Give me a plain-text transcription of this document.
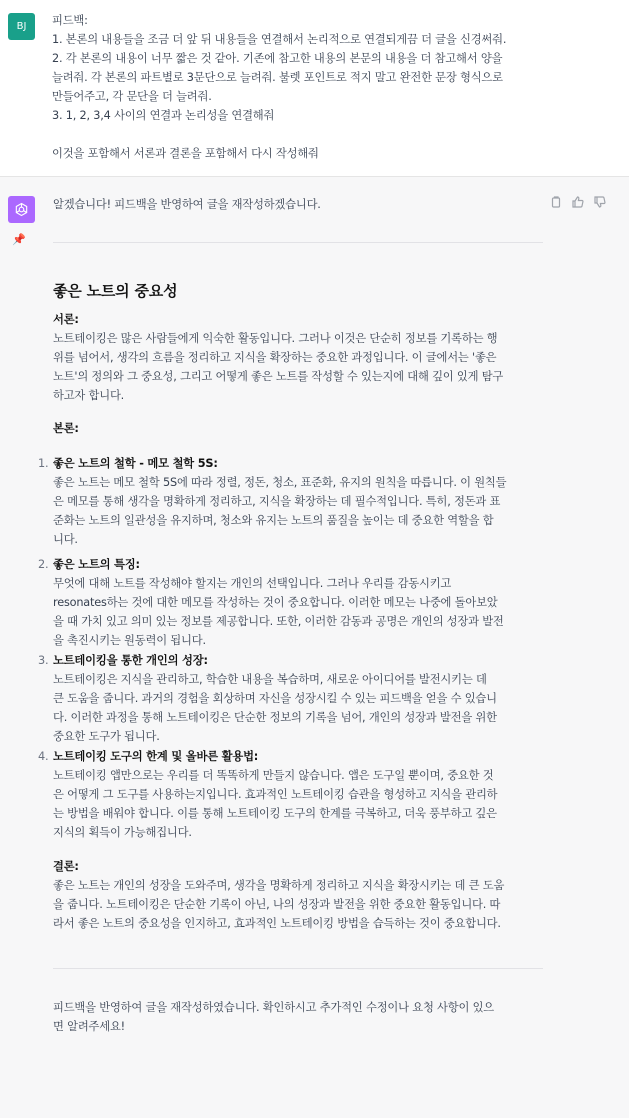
BJ	피드백:

1. 본론의 내용들을 조금 더 앞 뒤 내용들을 연결해서 논리적으로 연결되게끔 더 글을 신경써줘.

2. 각 본론의 내용이 너무 짧은 것 같아. 기존에 참고한 내용의 본문의 내용을 더 참고해서 양을

늘려줘. 각 본론의 파트별로 3문단으로 늘려줘. 불렛 포인트로 적지 말고 완전한 문장 형식으로

만들어주고, 각 문단을 더 늘려줘.

3. 1, 2, 3,4 사이의 연결과 논리성을 연결해줘

이것을 포함해서 서론과 결론을 포함해서 다시 작성해줘

📌

알겠습니다! 피드백을 반영하여 글을 재작성하겠습니다.

좋은 노트의 중요성

서론:

노트테이킹은 많은 사람들에게 익숙한 활동입니다. 그러나 이것은 단순히 정보를 기록하는 행

위를 넘어서, 생각의 흐름을 정리하고 지식을 확장하는 중요한 과정입니다. 이 글에서는 '좋은

노트'의 정의와 그 중요성, 그리고 어떻게 좋은 노트를 작성할 수 있는지에 대해 깊이 있게 탐구

하고자 합니다.

본론:

1. 좋은 노트의 철학 - 메모 철학 5S:

좋은 노트는 메모 철학 5S에 따라 정렬, 정돈, 청소, 표준화, 유지의 원칙을 따릅니다. 이 원칙들

은 메모를 통해 생각을 명확하게 정리하고, 지식을 확장하는 데 필수적입니다. 특히, 정돈과 표

준화는 노트의 일관성을 유지하며, 청소와 유지는 노트의 품질을 높이는 데 중요한 역할을 합

니다.

2. 좋은 노트의 특징:

무엇에 대해 노트를 작성해야 할지는 개인의 선택입니다. 그러나 우리를 감동시키고

resonates하는 것에 대한 메모를 작성하는 것이 중요합니다. 이러한 메모는 나중에 돌아보았

을 때 가치 있고 의미 있는 정보를 제공합니다. 또한, 이러한 감동과 공명은 개인의 성장과 발전

을 촉진시키는 원동력이 됩니다.

3. 노트테이킹을 통한 개인의 성장:

노트테이킹은 지식을 관리하고, 학습한 내용을 복습하며, 새로운 아이디어를 발전시키는 데

큰 도움을 줍니다. 과거의 경험을 회상하며 자신을 성장시킬 수 있는 피드백을 얻을 수 있습니

다. 이러한 과정을 통해 노트테이킹은 단순한 정보의 기록을 넘어, 개인의 성장과 발전을 위한

중요한 도구가 됩니다.

4. 노트테이킹 도구의 한계 및 올바른 활용법:

노트테이킹 앱만으로는 우리를 더 똑똑하게 만들지 않습니다. 앱은 도구일 뿐이며, 중요한 것

은 어떻게 그 도구를 사용하는지입니다. 효과적인 노트테이킹 습관을 형성하고 지식을 관리하

는 방법을 배워야 합니다. 이를 통해 노트테이킹 도구의 한계를 극복하고, 더욱 풍부하고 깊은

지식의 획득이 가능해집니다.

결론:

좋은 노트는 개인의 성장을 도와주며, 생각을 명확하게 정리하고 지식을 확장시키는 데 큰 도움

을 줍니다. 노트테이킹은 단순한 기록이 아닌, 나의 성장과 발전을 위한 중요한 활동입니다. 따

라서 좋은 노트의 중요성을 인지하고, 효과적인 노트테이킹 방법을 습득하는 것이 중요합니다.

피드백을 반영하여 글을 재작성하였습니다. 확인하시고 추가적인 수정이나 요청 사항이 있으

면 알려주세요!
